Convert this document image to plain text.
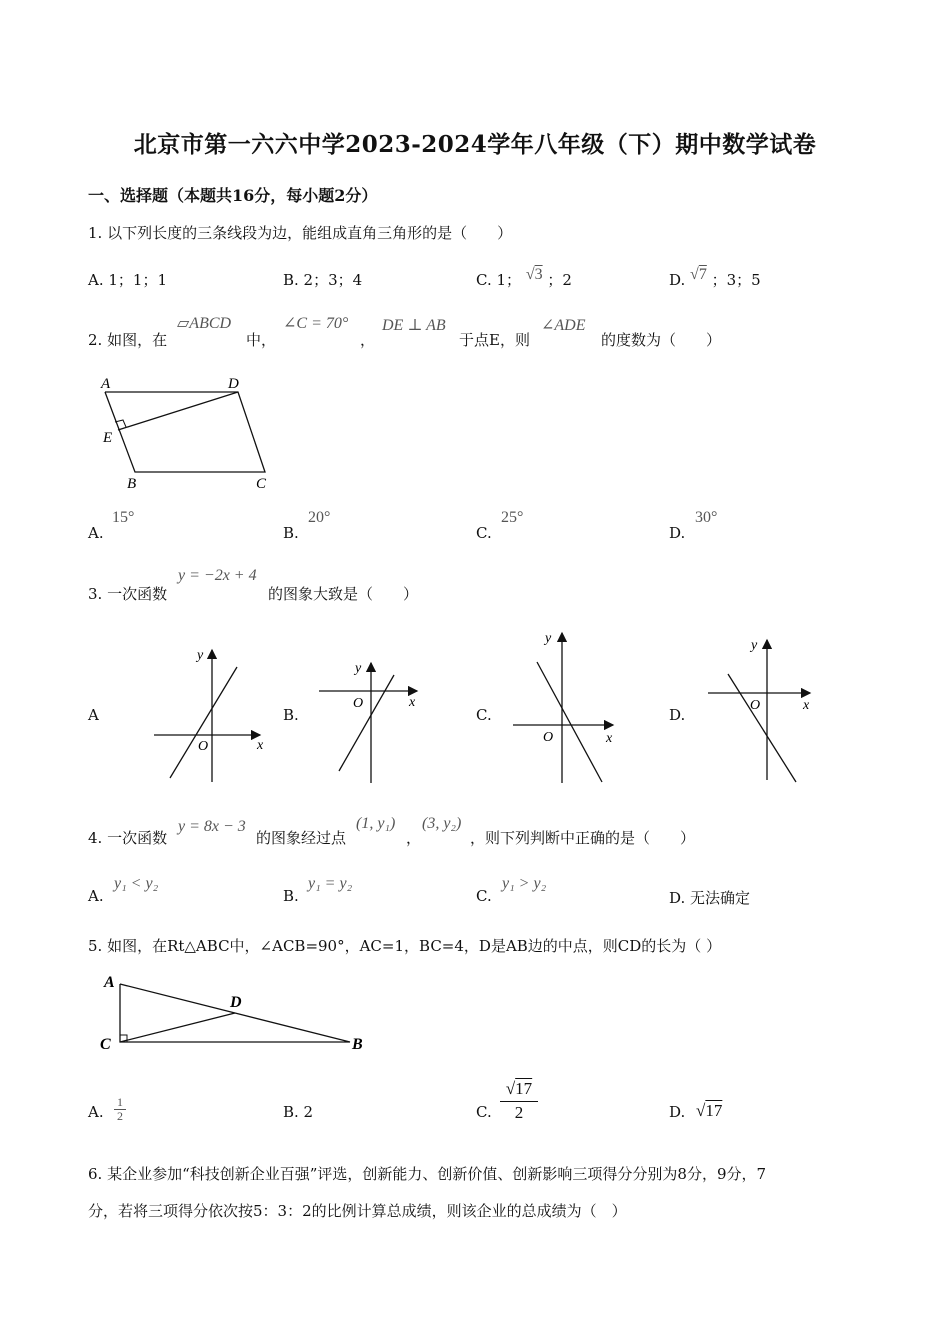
北京市第一六六中学2023-2024学年八年级（下）期中数学试卷
一、选择题（本题共16分，每小题2分）
1. 以下列长度的三条线段为边，能组成直角三角形的是（　　）
A. 1；1；1	B. 2；3；4	C. 1； √3 ；2	D. √7 ；3；5
2. 如图，在
▱ABCD
中，
∠C = 70°
，
DE ⊥ AB
于点E，则
∠ADE
的度数为（　　）
A	D
E
B	C
A.
15°
B.
20°
C.
25°
D.
30°
3. 一次函数
y = −2x + 4
的图象大致是（　　）
A
x
y
O
B.
x
y
O
C.
x
y
O
D.
x
y
O
4. 一次函数
y = 8x − 3
的图象经过点
(1, y₁)
，
(3, y₂)
，则下列判断中正确的是（　　）
A.
y₁ < y₂
B.
y₁ = y₂
C.
y₁ > y₂
D. 无法确定
5. 如图，在Rt△ABC中，∠ACB=90°，AC=1，BC=4，D是AB边的中点，则CD的长为（ ）
A
D
C	B
A. $\frac{1}{2}$	B. 2	C. $\frac{√17}{2}$	D. √17
6. 某企业参加“科技创新企业百强”评选，创新能力、创新价值、创新影响三项得分分别为8分，9分，7
分，若将三项得分依次按5：3：2的比例计算总成绩，则该企业的总成绩为（　）
